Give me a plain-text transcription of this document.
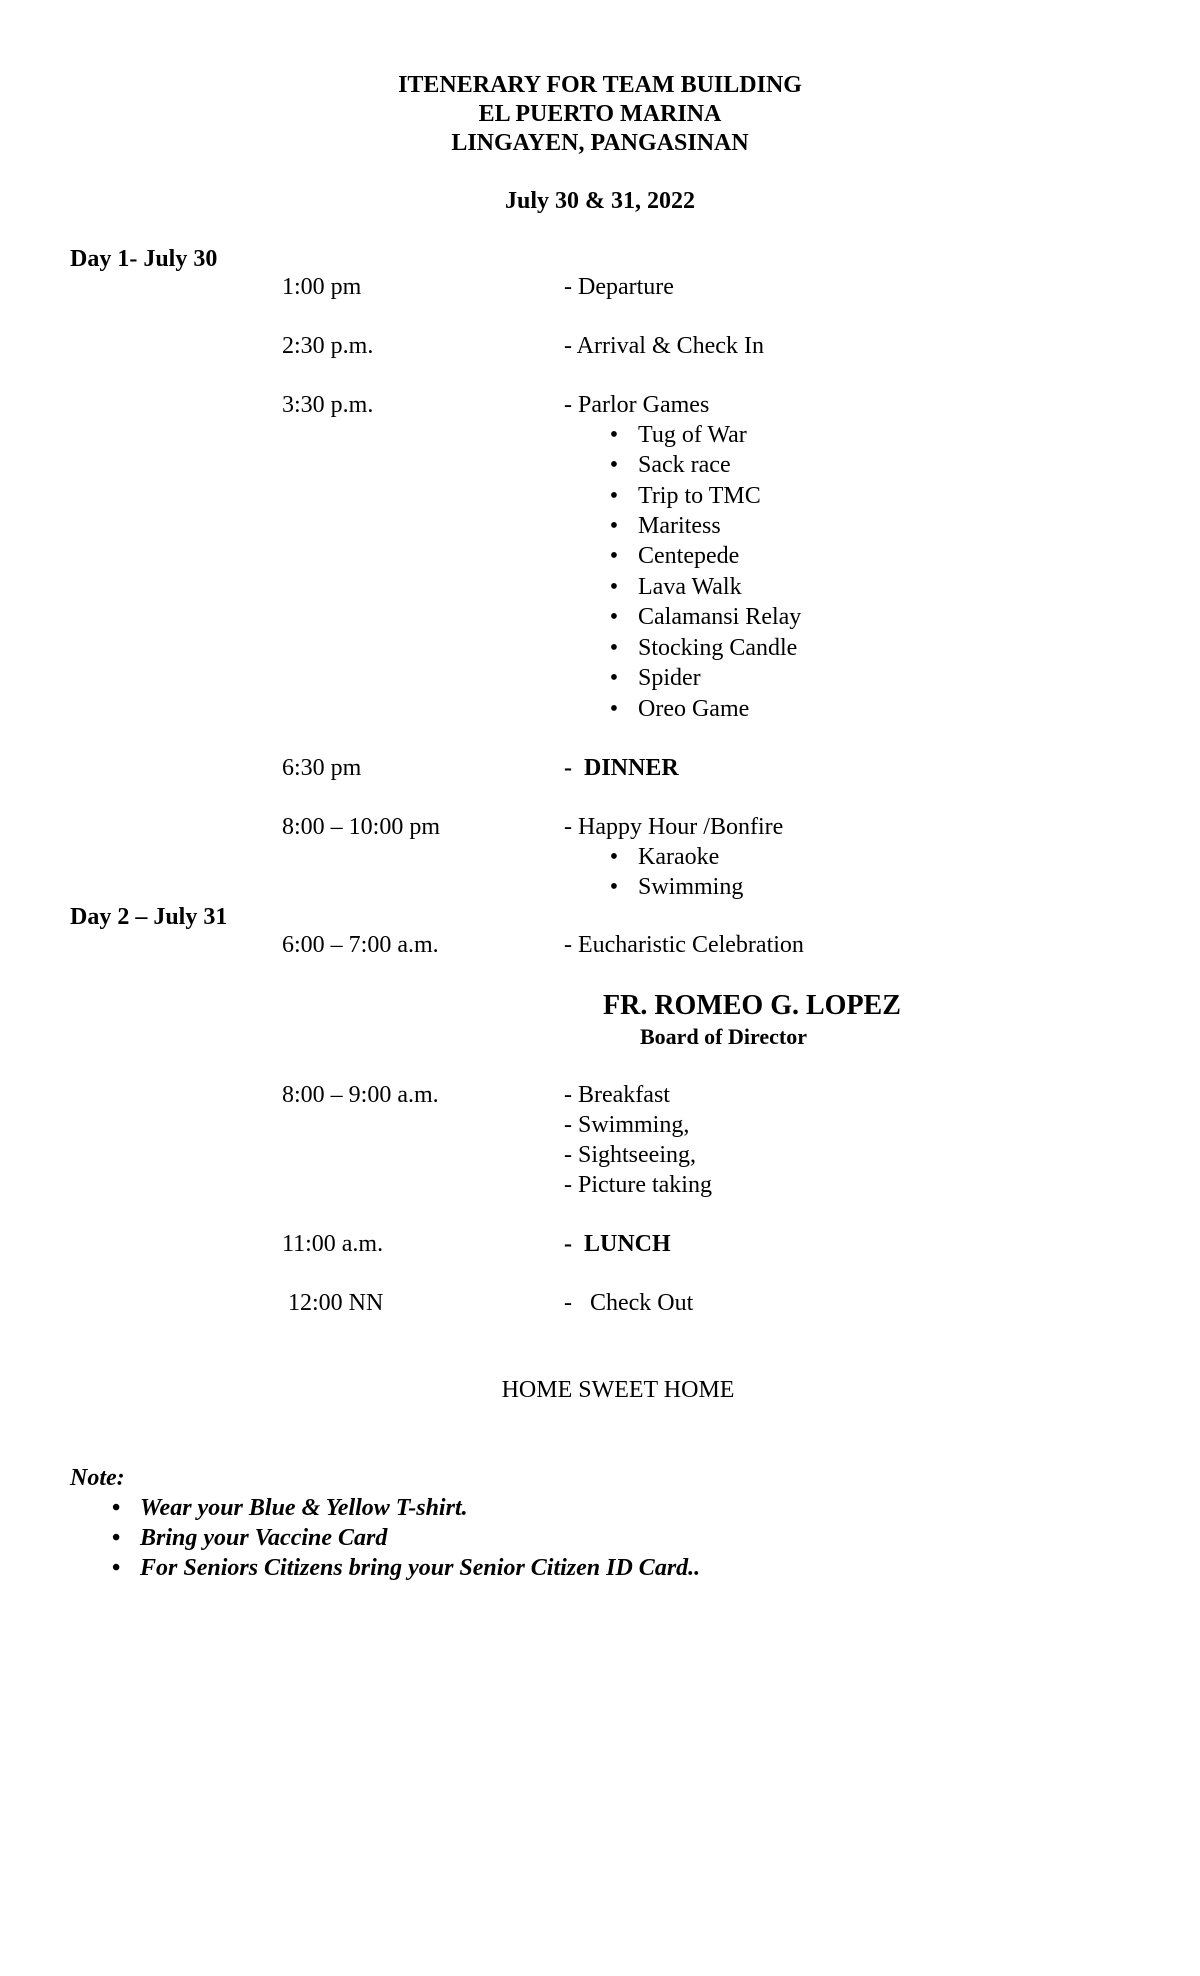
ITENERARY FOR TEAM BUILDING
EL PUERTO MARINA
LINGAYEN, PANGASINAN
July 30 & 31, 2022
Day 1- July 30
1:00 pm	- Departure
2:30 p.m.	- Arrival & Check In
3:30 p.m.	- Parlor Games
• Tug of War
• Sack race
• Trip to TMC
• Maritess
• Centepede
• Lava Walk
• Calamansi Relay
• Stocking Candle
• Spider
• Oreo Game
6:30 pm	- DINNER
8:00 – 10:00 pm	- Happy Hour /Bonfire
• Karaoke
• Swimming
Day 2 – July 31
6:00 – 7:00 a.m.	- Eucharistic Celebration
FR. ROMEO G. LOPEZ
Board of Director
8:00 – 9:00 a.m.	- Breakfast
- Swimming,
- Sightseeing,
- Picture taking
11:00 a.m.	- LUNCH
12:00 NN	-   Check Out
HOME SWEET HOME
Note:
• Wear your Blue & Yellow T-shirt.
• Bring your Vaccine Card
• For Seniors Citizens bring your Senior Citizen ID Card..
